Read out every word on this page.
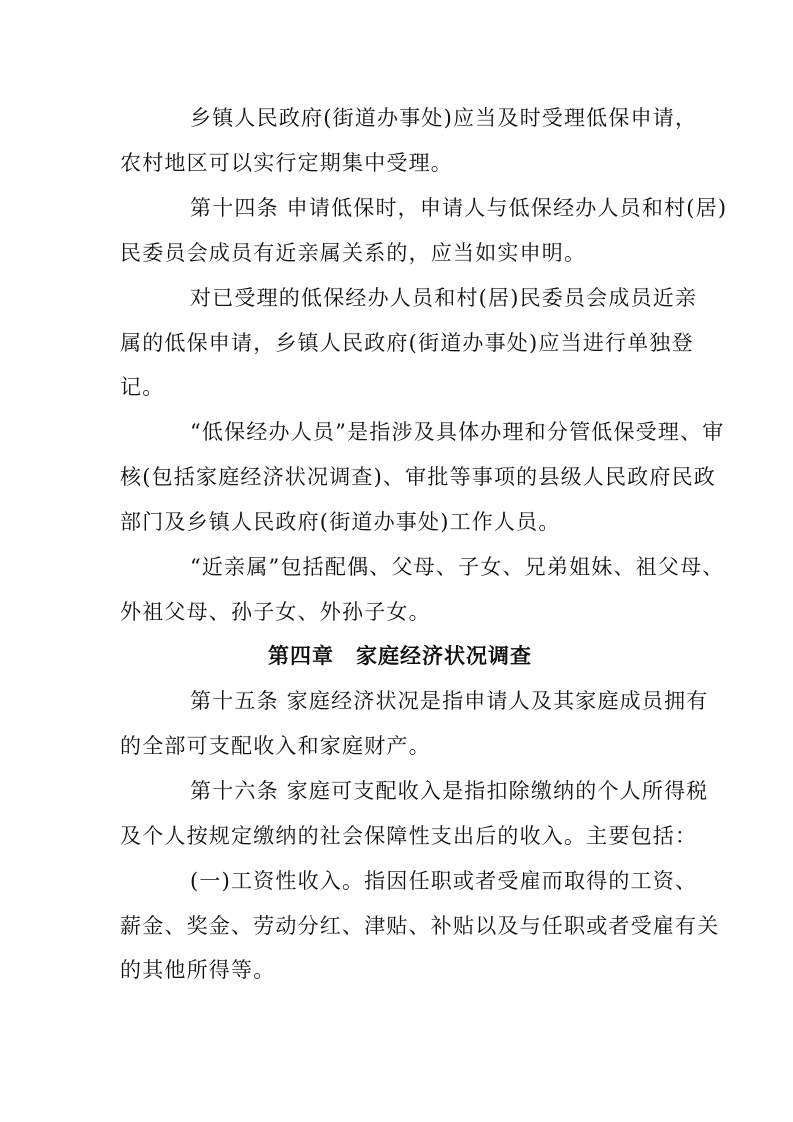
乡镇人民政府(街道办事处)应当及时受理低保申请，
农村地区可以实行定期集中受理。
第十四条 申请低保时，申请人与低保经办人员和村(居)
民委员会成员有近亲属关系的，应当如实申明。
对已受理的低保经办人员和村(居)民委员会成员近亲
属的低保申请，乡镇人民政府(街道办事处)应当进行单独登
记。
“低保经办人员”是指涉及具体办理和分管低保受理、审
核(包括家庭经济状况调查)、审批等事项的县级人民政府民政
部门及乡镇人民政府(街道办事处)工作人员。
“近亲属”包括配偶、父母、子女、兄弟姐妹、祖父母、
外祖父母、孙子女、外孙子女。
第四章　家庭经济状况调查
第十五条 家庭经济状况是指申请人及其家庭成员拥有
的全部可支配收入和家庭财产。
第十六条 家庭可支配收入是指扣除缴纳的个人所得税
及个人按规定缴纳的社会保障性支出后的收入。主要包括：
(一)工资性收入。指因任职或者受雇而取得的工资、
薪金、奖金、劳动分红、津贴、补贴以及与任职或者受雇有关
的其他所得等。
